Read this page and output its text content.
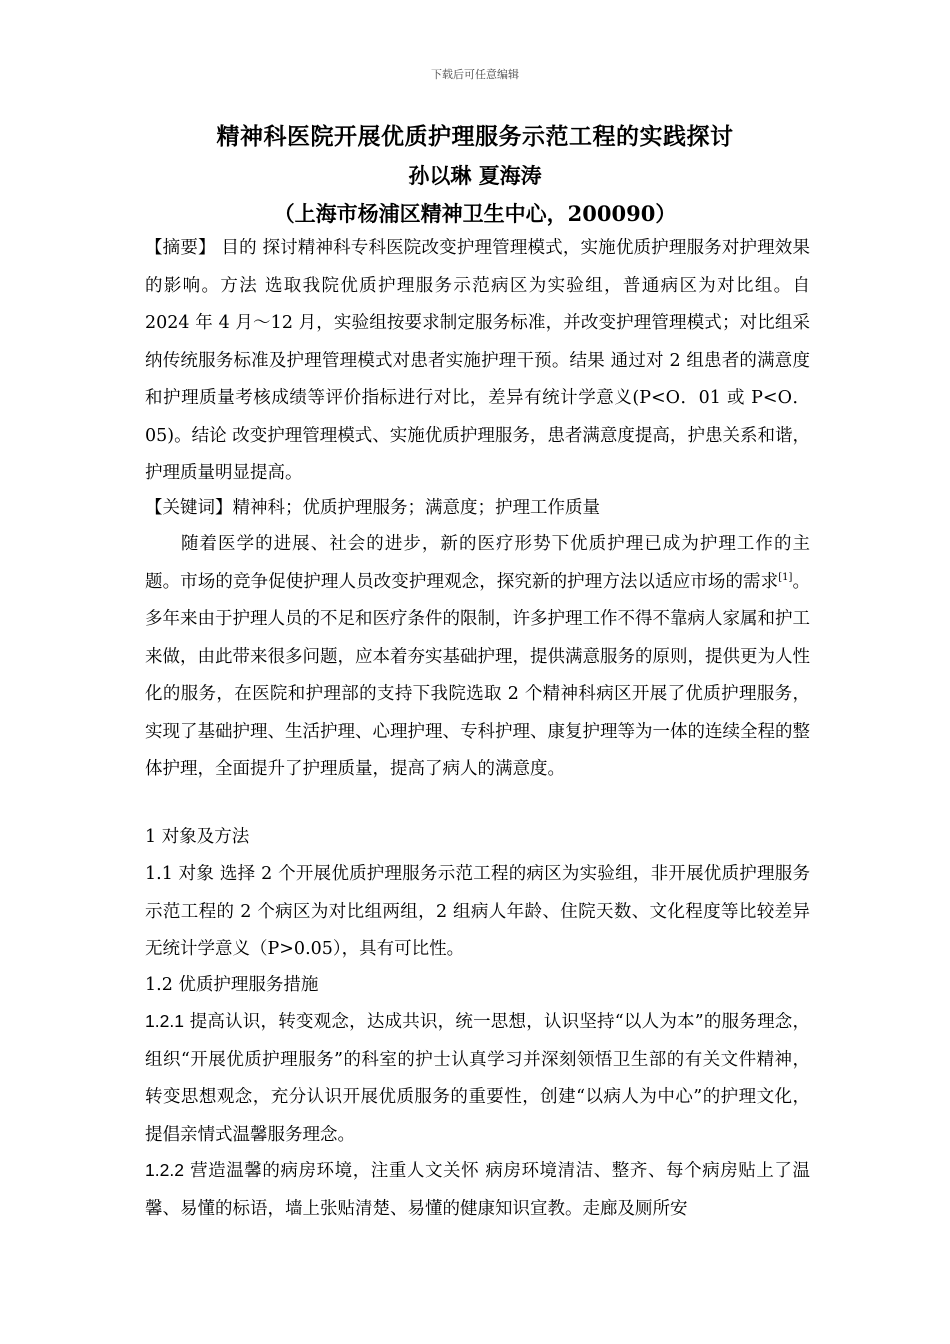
下载后可任意编辑
精神科医院开展优质护理服务示范工程的实践探讨
孙以琳 夏海涛
（上海市杨浦区精神卫生中心，200090）
【摘要】 目的 探讨精神科专科医院改变护理管理模式，实施优质护理服务对护理效果的影响。方法 选取我院优质护理服务示范病区为实验组，普通病区为对比组。自 2024 年 4 月～12 月，实验组按要求制定服务标准，并改变护理管理模式；对比组采纳传统服务标准及护理管理模式对患者实施护理干预。结果 通过对 2 组患者的满意度和护理质量考核成绩等评价指标进行对比，差异有统计学意义(P<O．01 或 P<O．05)。结论 改变护理管理模式、实施优质护理服务，患者满意度提高，护患关系和谐，护理质量明显提高。
【关键词】精神科；优质护理服务；满意度；护理工作质量
随着医学的进展、社会的进步，新的医疗形势下优质护理已成为护理工作的主题。市场的竞争促使护理人员改变护理观念，探究新的护理方法以适应市场的需求[1]。多年来由于护理人员的不足和医疗条件的限制，许多护理工作不得不靠病人家属和护工来做，由此带来很多问题，应本着夯实基础护理，提供满意服务的原则，提供更为人性化的服务，在医院和护理部的支持下我院选取 2 个精神科病区开展了优质护理服务，实现了基础护理、生活护理、心理护理、专科护理、康复护理等为一体的连续全程的整体护理，全面提升了护理质量，提高了病人的满意度。
1 对象及方法
1.1 对象 选择 2 个开展优质护理服务示范工程的病区为实验组，非开展优质护理服务示范工程的 2 个病区为对比组两组，2 组病人年龄、住院天数、文化程度等比较差异无统计学意义（P>0.05），具有可比性。
1.2 优质护理服务措施
1.2.1 提高认识，转变观念，达成共识，统一思想，认识坚持“以人为本”的服务理念，组织“开展优质护理服务”的科室的护士认真学习并深刻领悟卫生部的有关文件精神，转变思想观念，充分认识开展优质服务的重要性，创建“以病人为中心”的护理文化，提倡亲情式温馨服务理念。
1.2.2 营造温馨的病房环境，注重人文关怀 病房环境清洁、整齐、每个病房贴上了温馨、易懂的标语，墙上张贴清楚、易懂的健康知识宣教。走廊及厕所安
